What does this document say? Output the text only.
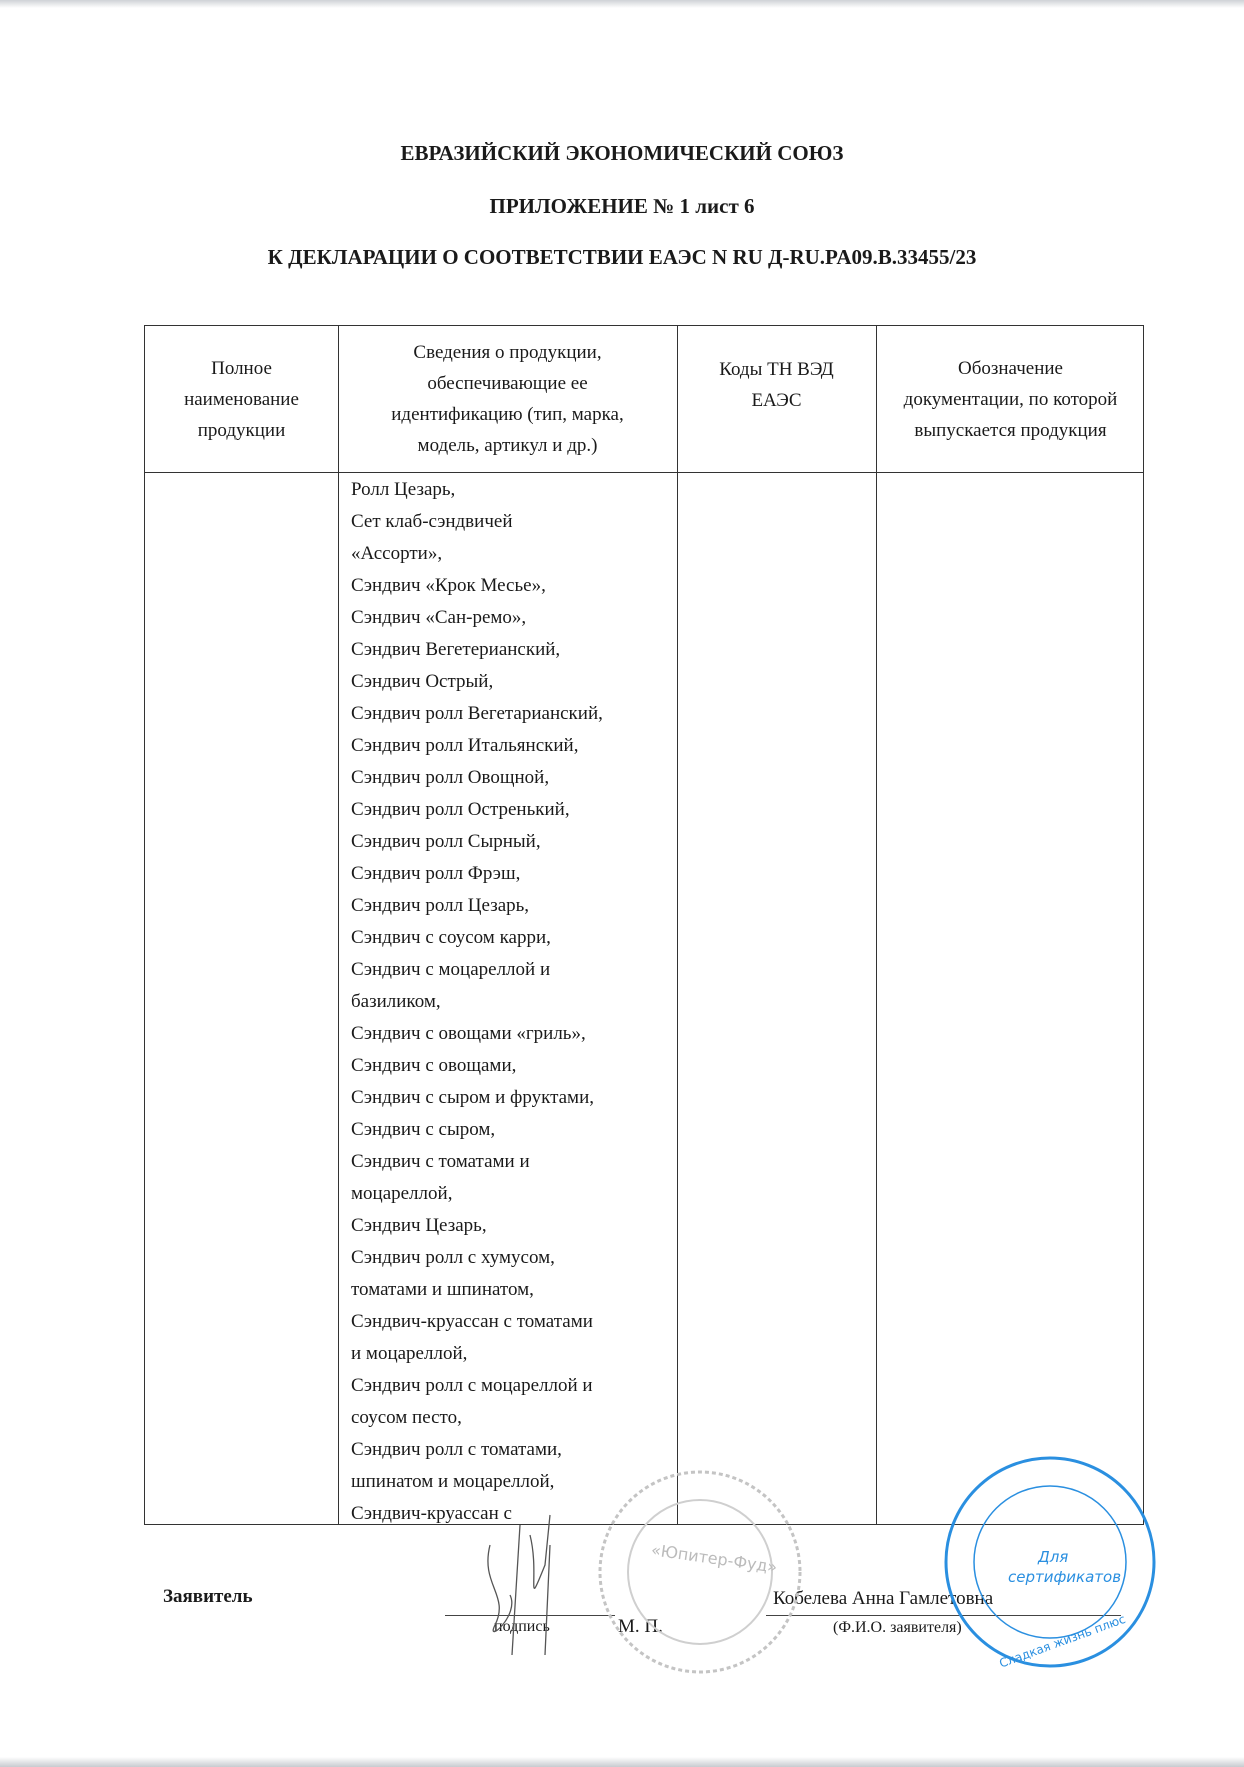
ЕВРАЗИЙСКИЙ ЭКОНОМИЧЕСКИЙ СОЮЗ
ПРИЛОЖЕНИЕ № 1 лист 6
К ДЕКЛАРАЦИИ О СООТВЕТСТВИИ ЕАЭС N RU Д-RU.PA09.B.33455/23
Полное наименование продукции
Сведения о продукции, обеспечивающие ее идентификацию (тип, марка, модель, артикул и др.)
Коды ТН ВЭД ЕАЭС
Обозначение документации, по которой выпускается продукция
Ролл Цезарь,
Сет клаб-сэндвичей
«Ассорти»,
Сэндвич «Крок Месье»,
Сэндвич «Сан-ремо»,
Сэндвич Вегетерианский,
Сэндвич Острый,
Сэндвич ролл Вегетарианский,
Сэндвич ролл Итальянский,
Сэндвич ролл Овощной,
Сэндвич ролл Остренький,
Сэндвич ролл Сырный,
Сэндвич ролл Фрэш,
Сэндвич ролл Цезарь,
Сэндвич с соусом карри,
Сэндвич с моцареллой и
базиликом,
Сэндвич с овощами «гриль»,
Сэндвич с овощами,
Сэндвич с сыром и фруктами,
Сэндвич с сыром,
Сэндвич с томатами и
моцареллой,
Сэндвич Цезарь,
Сэндвич ролл с хумусом,
томатами и шпинатом,
Сэндвич-круассан с томатами
и моцареллой,
Сэндвич ролл с моцареллой и
соусом песто,
Сэндвич ролл с томатами,
шпинатом и моцареллой,
Сэндвич-круассан с
Заявитель
подпись	М. П.
Кобелева Анна Гамлетовна
(Ф.И.О. заявителя)
«Юпитер-Фуд»	Для
сертификатов
Сладкая жизнь плюс
